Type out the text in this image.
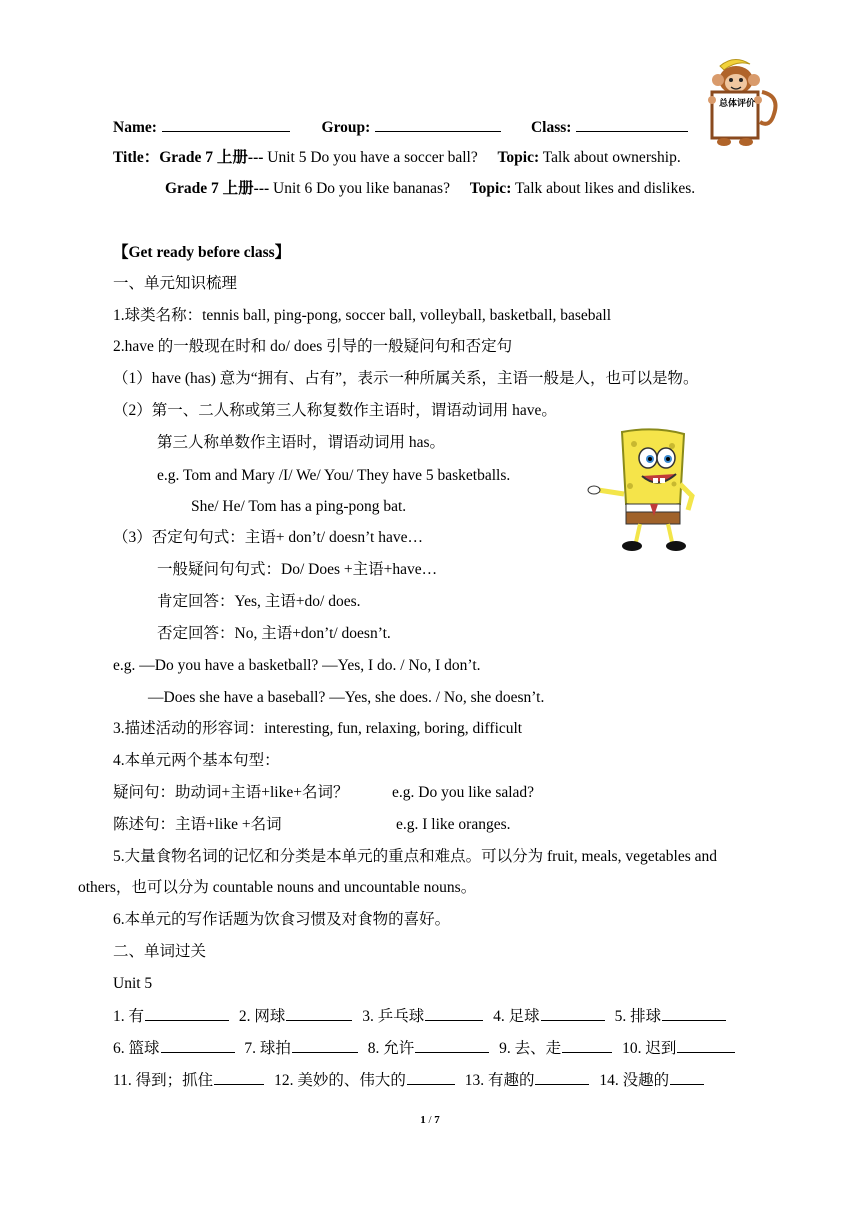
总体评价
Name:	Group:	Class:
Title：Grade 7 上册--- Unit 5 Do you have a soccer ball? Topic: Talk about ownership.
Grade 7 上册--- Unit 6 Do you like bananas? Topic: Talk about likes and dislikes.
【Get ready before class】
一、单元知识梳理
1.球类名称：tennis ball, ping-pong, soccer ball, volleyball, basketball, baseball
2.have 的一般现在时和 do/ does 引导的一般疑问句和否定句
（1）have (has) 意为“拥有、占有”，表示一种所属关系，主语一般是人，也可以是物。
（2）第一、二人称或第三人称复数作主语时，谓语动词用 have。
第三人称单数作主语时，谓语动词用 has。
e.g. Tom and Mary /I/ We/ You/ They have 5 basketballs.
She/ He/ Tom has a ping-pong bat.
（3）否定句句式：主语+ don’t/ doesn’t have…
一般疑问句句式：Do/ Does +主语+have…
肯定回答：Yes, 主语+do/ does.
否定回答：No, 主语+don’t/ doesn’t.
e.g. —Do you have a basketball? —Yes, I do. / No, I don’t.
—Does she have a baseball? —Yes, she does. / No, she doesn’t.
3.描述活动的形容词：interesting, fun, relaxing, boring, difficult
4.本单元两个基本句型：
疑问句：助动词+主语+like+名词？	e.g. Do you like salad?
陈述句：主语+like +名词	e.g. I like oranges.
5.大量食物名词的记忆和分类是本单元的重点和难点。可以分为 fruit, meals, vegetables and
others，也可以分为 countable nouns and uncountable nouns。
6.本单元的写作话题为饮食习惯及对食物的喜好。
二、单词过关
Unit 5
1. 有	2. 网球	3. 乒乓球	4. 足球	5. 排球
6. 篮球	7. 球拍	8. 允许	9. 去、走	10. 迟到
11. 得到；抓住	12. 美妙的、伟大的	13. 有趣的	14. 没趣的
1 / 7
